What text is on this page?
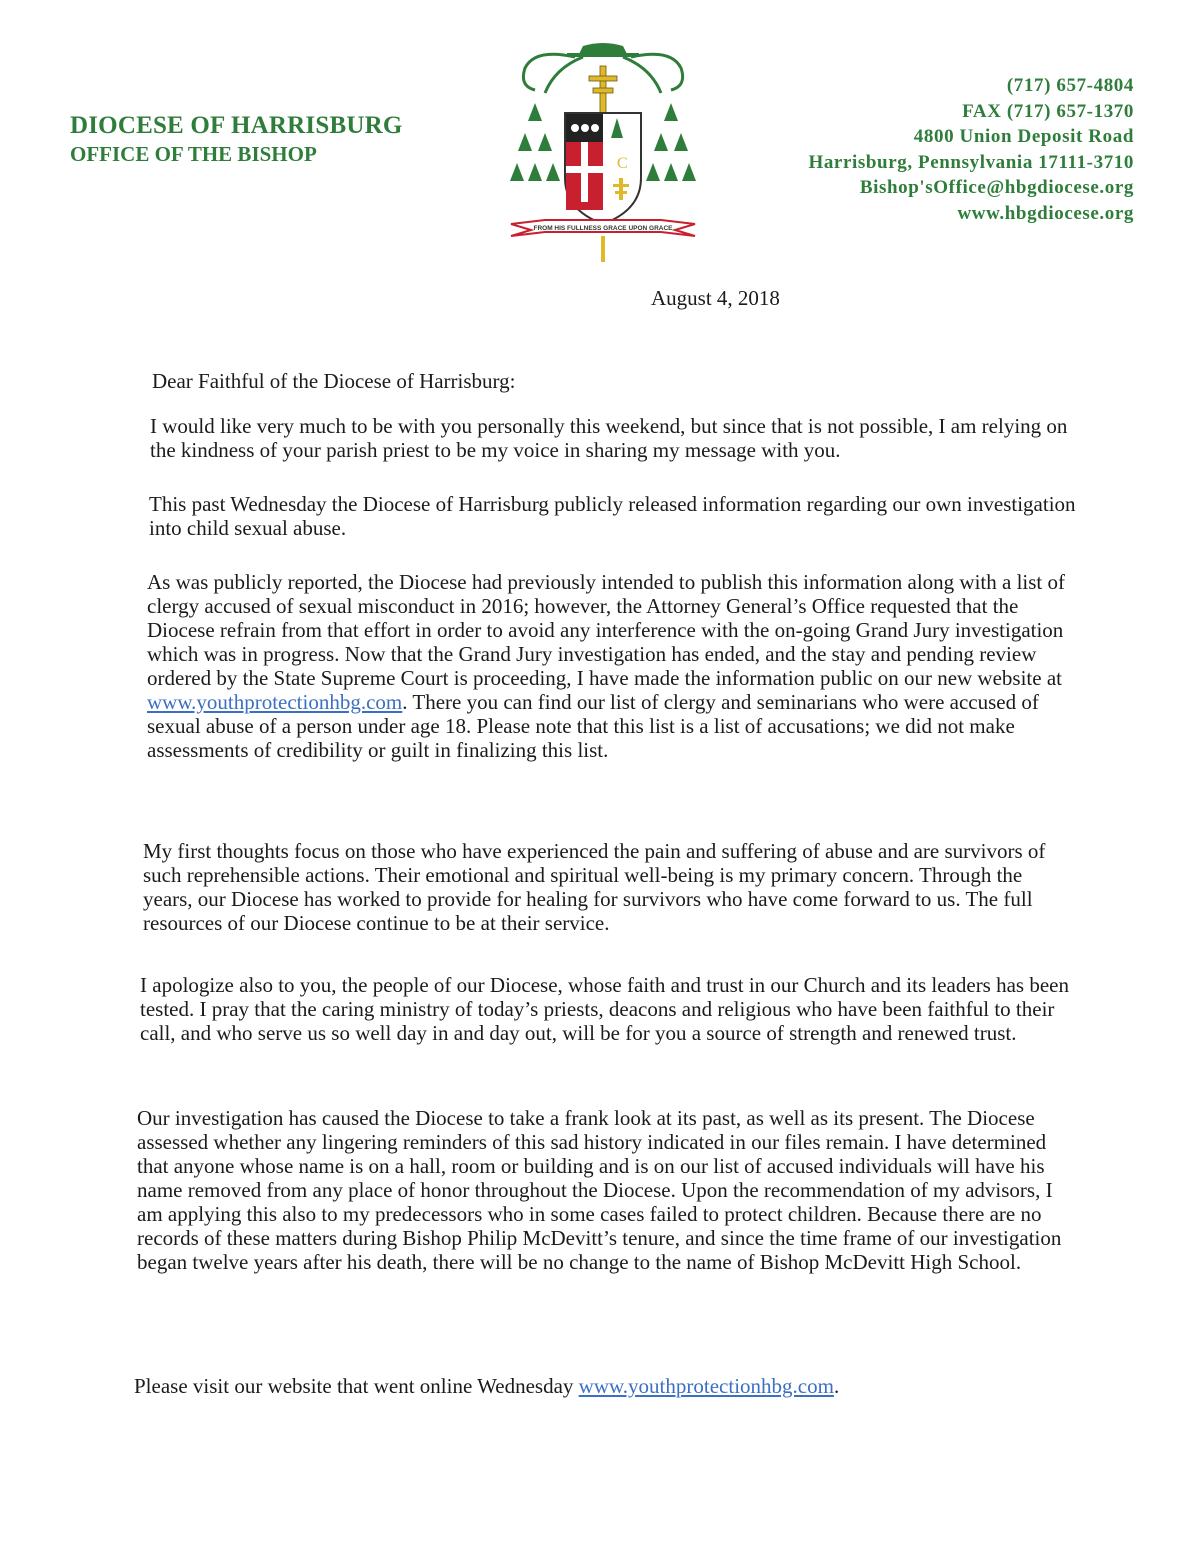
DIOCESE OF HARRISBURG
OFFICE OF THE BISHOP	C
FROM HIS FULLNESS GRACE UPON GRACE
(717) 657-4804
FAX (717) 657-1370
4800 Union Deposit Road
Harrisburg, Pennsylvania 17111-3710
Bishop'sOffice@hbgdiocese.org
www.hbgdiocese.org
August 4, 2018
Dear Faithful of the Diocese of Harrisburg:
I would like very much to be with you personally this weekend, but since that is not possible, I am relying on the kindness of your parish priest to be my voice in sharing my message with you.
This past Wednesday the Diocese of Harrisburg publicly released information regarding our own investigation into child sexual abuse.
As was publicly reported, the Diocese had previously intended to publish this information along with a list of clergy accused of sexual misconduct in 2016; however, the Attorney General’s Office requested that the Diocese refrain from that effort in order to avoid any interference with the on-going Grand Jury investigation which was in progress. Now that the Grand Jury investigation has ended, and the stay and pending review ordered by the State Supreme Court is proceeding, I have made the information public on our new website at www.youthprotectionhbg.com. There you can find our list of clergy and seminarians who were accused of sexual abuse of a person under age 18. Please note that this list is a list of accusations; we did not make assessments of credibility or guilt in finalizing this list.
My first thoughts focus on those who have experienced the pain and suffering of abuse and are survivors of such reprehensible actions. Their emotional and spiritual well-being is my primary concern. Through the years, our Diocese has worked to provide for healing for survivors who have come forward to us. The full resources of our Diocese continue to be at their service.
I apologize also to you, the people of our Diocese, whose faith and trust in our Church and its leaders has been tested. I pray that the caring ministry of today’s priests, deacons and religious who have been faithful to their call, and who serve us so well day in and day out, will be for you a source of strength and renewed trust.
Our investigation has caused the Diocese to take a frank look at its past, as well as its present. The Diocese assessed whether any lingering reminders of this sad history indicated in our files remain. I have determined that anyone whose name is on a hall, room or building and is on our list of accused individuals will have his name removed from any place of honor throughout the Diocese. Upon the recommendation of my advisors, I am applying this also to my predecessors who in some cases failed to protect children. Because there are no records of these matters during Bishop Philip McDevitt’s tenure, and since the time frame of our investigation began twelve years after his death, there will be no change to the name of Bishop McDevitt High School.
Please visit our website that went online Wednesday www.youthprotectionhbg.com.
